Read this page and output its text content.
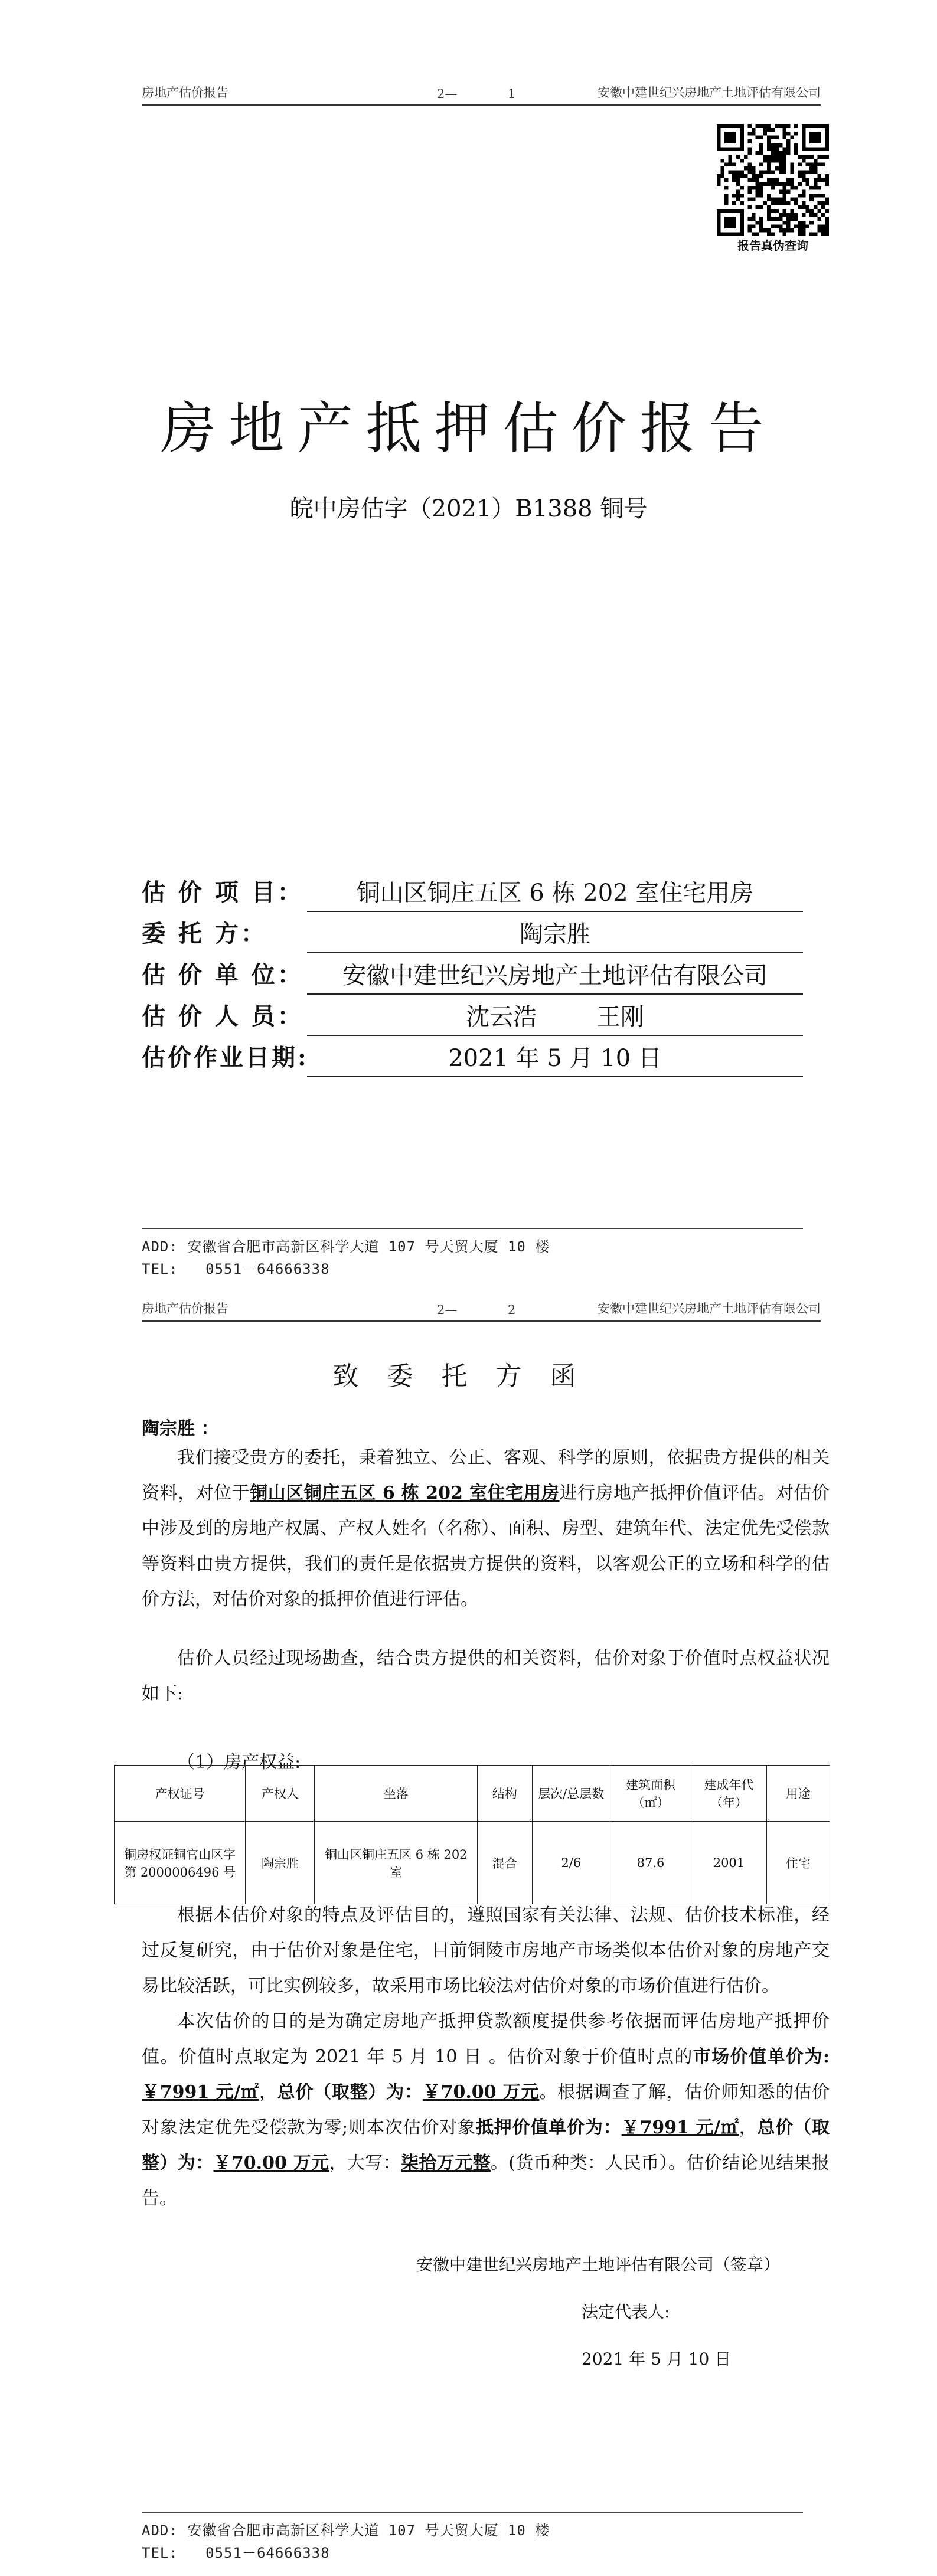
房地产估价报告	2—	1	安徽中建世纪兴房地产土地评估有限公司
报告真伪查询
房地产抵押估价报告
皖中房估字（2021）B1388 铜号
估 价 项 目：	铜山区铜庄五区 6 栋 202 室住宅用房
委 托 方：	陶宗胜
估 价 单 位：	安徽中建世纪兴房地产土地评估有限公司
估 价 人 员：	沈云浩        王刚
估价作业日期:	2021 年 5 月 10 日
ADD: 安徽省合肥市高新区科学大道 107 号天贸大厦 10 楼
TEL:   0551－64666338
房地产估价报告	2—	2	安徽中建世纪兴房地产土地评估有限公司
致委托方函
陶宗胜 ：

我们接受贵方的委托，秉着独立、公正、客观、科学的原则，依据贵方提供的相关资料，对位于铜山区铜庄五区 6 栋 202 室住宅用房进行房地产抵押价值评估。对估价中涉及到的房地产权属、产权人姓名（名称）、面积、房型、建筑年代、法定优先受偿款等资料由贵方提供，我们的责任是依据贵方提供的资料，以客观公正的立场和科学的估价方法，对估价对象的抵押价值进行评估。

估价人员经过现场勘查，结合贵方提供的相关资料，估价对象于价值时点权益状况如下:

（1）房产权益:
产权证号	产权人	坐落	结构	层次/总层数	建筑面积（㎡）	建成年代（年）	用途
铜房权证铜官山区字第 2000006496 号	陶宗胜	铜山区铜庄五区 6 栋 202 室	混合	2/6	87.6	2001	住宅

根据本估价对象的特点及评估目的，遵照国家有关法律、法规、估价技术标准，经过反复研究，由于估价对象是住宅，目前铜陵市房地产市场类似本估价对象的房地产交易比较活跃，可比实例较多，故采用市场比较法对估价对象的市场价值进行估价。

本次估价的目的是为确定房地产抵押贷款额度提供参考依据而评估房地产抵押价值。价值时点取定为 2021 年 5 月 10 日 。估价对象于价值时点的市场价值单价为:￥7991 元/㎡，总价（取整）为：￥70.00 万元。根据调查了解，估价师知悉的估价对象法定优先受偿款为零;则本次估价对象抵押价值单价为：￥7991 元/㎡，总价（取整）为：￥70.00 万元，大写：柒拾万元整。(货币种类：人民币）。估价结论见结果报告。

安徽中建世纪兴房地产土地评估有限公司（签章）
法定代表人:
2021 年 5 月 10 日
ADD: 安徽省合肥市高新区科学大道 107 号天贸大厦 10 楼
TEL:   0551－64666338
